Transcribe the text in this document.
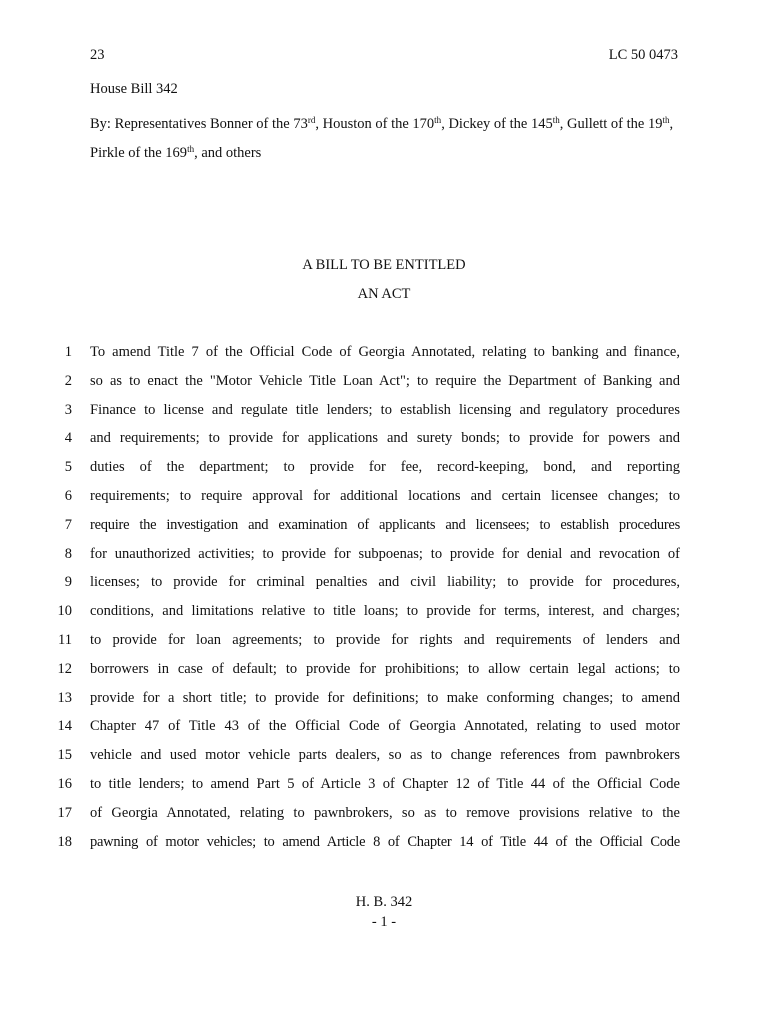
23	LC 50 0473
House Bill 342
By: Representatives Bonner of the 73rd, Houston of the 170th, Dickey of the 145th, Gullett of the 19th, Pirkle of the 169th, and others
A BILL TO BE ENTITLED
AN ACT
1 To amend Title 7 of the Official Code of Georgia Annotated, relating to banking and finance,
2 so as to enact the "Motor Vehicle Title Loan Act"; to require the Department of Banking and
3 Finance to license and regulate title lenders; to establish licensing and regulatory procedures
4 and requirements; to provide for applications and surety bonds; to provide for powers and
5 duties of the department; to provide for fee, record-keeping, bond, and reporting
6 requirements; to require approval for additional locations and certain licensee changes; to
7 require the investigation and examination of applicants and licensees; to establish procedures
8 for unauthorized activities; to provide for subpoenas; to provide for denial and revocation of
9 licenses; to provide for criminal penalties and civil liability; to provide for procedures,
10 conditions, and limitations relative to title loans; to provide for terms, interest, and charges;
11 to provide for loan agreements; to provide for rights and requirements of lenders and
12 borrowers in case of default; to provide for prohibitions; to allow certain legal actions; to
13 provide for a short title; to provide for definitions; to make conforming changes; to amend
14 Chapter 47 of Title 43 of the Official Code of Georgia Annotated, relating to used motor
15 vehicle and used motor vehicle parts dealers, so as to change references from pawnbrokers
16 to title lenders; to amend Part 5 of Article 3 of Chapter 12 of Title 44 of the Official Code
17 of Georgia Annotated, relating to pawnbrokers, so as to remove provisions relative to the
18 pawning of motor vehicles; to amend Article 8 of Chapter 14 of Title 44 of the Official Code
H. B. 342
- 1 -
